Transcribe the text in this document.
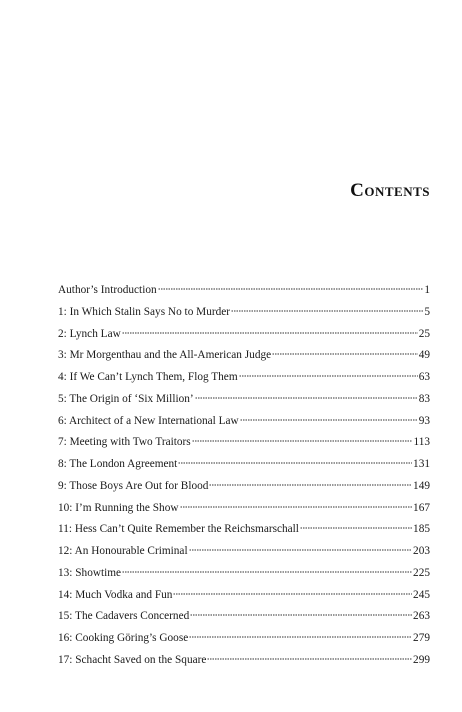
Contents
Author’s Introduction	1
1: In Which Stalin Says No to Murder	5
2: Lynch Law	25
3: Mr Morgenthau and the All-American Judge	49
4: If We Can’t Lynch Them, Flog Them	63
5: The Origin of ‘Six Million’	83
6: Architect of a New International Law	93
7: Meeting with Two Traitors	113
8: The London Agreement	131
9: Those Boys Are Out for Blood	149
10: I’m Running the Show	167
11: Hess Can’t Quite Remember the Reichsmarschall	185
12: An Honourable Criminal	203
13: Showtime	225
14: Much Vodka and Fun	245
15: The Cadavers Concerned	263
16: Cooking Göring’s Goose	279
17: Schacht Saved on the Square	299
